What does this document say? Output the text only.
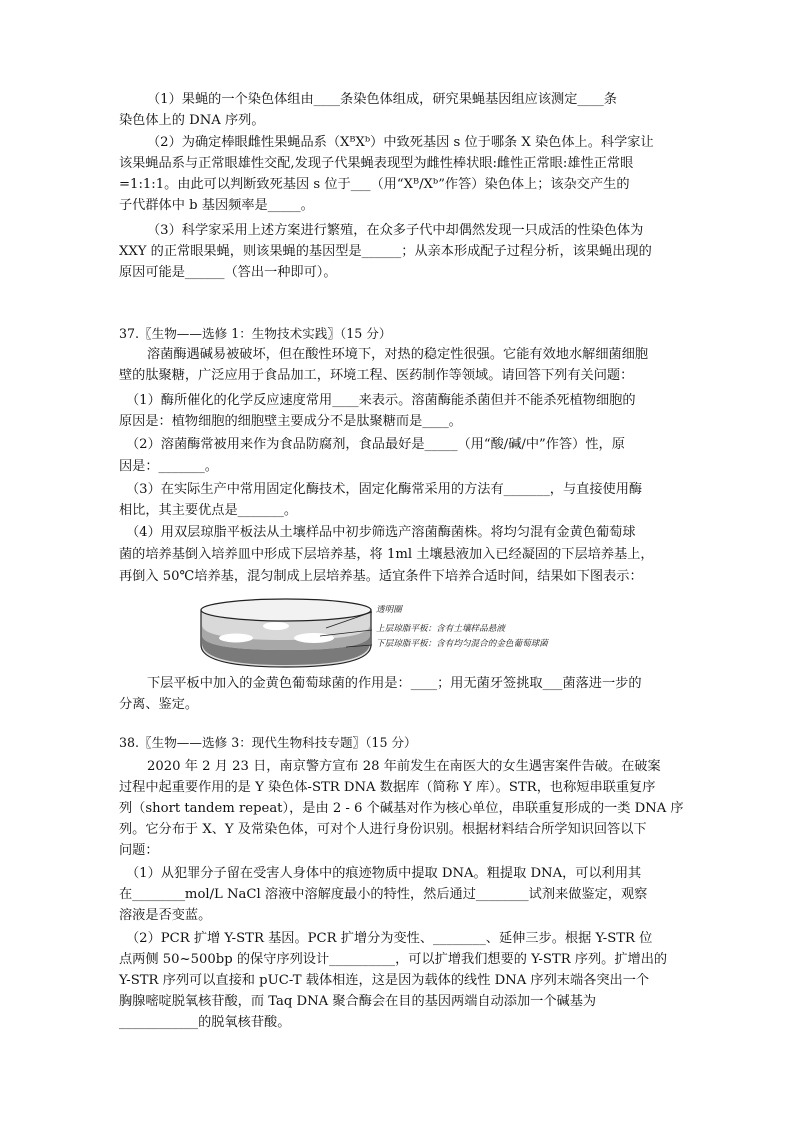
（1）果蝇的一个染色体组由____条染色体组成，研究果蝇基因组应该测定____条
染色体上的 DNA 序列。
（2）为确定棒眼雌性果蝇品系（XᴮXᵇ）中致死基因 s 位于哪条 X 染色体上。科学家让
该果蝇品系与正常眼雄性交配,发现子代果蝇表现型为雌性棒状眼:雌性正常眼:雄性正常眼
=1:1:1。由此可以判断致死基因 s 位于___（用“Xᴮ/Xᵇ”作答）染色体上；该杂交产生的
子代群体中 b 基因频率是_____。
（3）科学家采用上述方案进行繁殖，在众多子代中却偶然发现一只成活的性染色体为
XXY 的正常眼果蝇，则该果蝇的基因型是______；从亲本形成配子过程分析，该果蝇出现的
原因可能是______（答出一种即可）。
溶菌酶遇碱易被破坏，但在酸性环境下，对热的稳定性很强。它能有效地水解细菌细胞
壁的肽聚糖，广泛应用于食品加工，环境工程、医药制作等领域。请回答下列有关问题：
（1）酶所催化的化学反应速度常用____来表示。溶菌酶能杀菌但并不能杀死植物细胞的
原因是：植物细胞的细胞壁主要成分不是肽聚糖而是____。
（2）溶菌酶常被用来作为食品防腐剂，食品最好是_____（用“酸/碱/中”作答）性，原
因是：_______。
（3）在实际生产中常用固定化酶技术，固定化酶常采用的方法有_______，与直接使用酶
相比，其主要优点是_______。
（4）用双层琼脂平板法从土壤样品中初步筛选产溶菌酶菌株。将均匀混有金黄色葡萄球
菌的培养基倒入培养皿中形成下层培养基，将 1ml 土壤悬液加入已经凝固的下层培养基上，
再倒入 50℃培养基，混匀制成上层培养基。适宜条件下培养合适时间，结果如下图表示：
下层平板中加入的金黄色葡萄球菌的作用是：____；用无菌牙签挑取___菌落进一步的
分离、鉴定。
2020 年 2 月 23 日，南京警方宣布 28 年前发生在南医大的女生遇害案件告破。在破案
过程中起重要作用的是 Y 染色体-STR DNA 数据库（简称 Y 库）。STR，也称短串联重复序
列（short tandem repeat），是由 2 - 6 个碱基对作为核心单位，串联重复形成的一类 DNA 序
列。它分布于 X、Y 及常染色体，可对个人进行身份识别。根据材料结合所学知识回答以下
问题：
（1）从犯罪分子留在受害人身体中的痕迹物质中提取 DNA。粗提取 DNA，可以利用其
在________mol/L NaCl 溶液中溶解度最小的特性，然后通过________试剂来做鉴定，观察
溶液是否变蓝。
（2）PCR 扩增 Y-STR 基因。PCR 扩增分为变性、________、延伸三步。根据 Y-STR 位
点两侧 50~500bp 的保守序列设计__________，可以扩增我们想要的 Y-STR 序列。扩增出的
Y-STR 序列可以直接和 pUC-T 载体相连，这是因为载体的线性 DNA 序列末端各突出一个
胸腺嘧啶脱氧核苷酸，而 Taq DNA 聚合酶会在目的基因两端自动添加一个碱基为
____________的脱氧核苷酸。
37.〖生物——选修 1：生物技术实践〗（15 分）
38.〖生物——选修 3：现代生物科技专题〗（15 分）
透明圈
上层琼脂平板：含有土壤样品悬液
下层琼脂平板：含有均匀混合的金色葡萄球菌
